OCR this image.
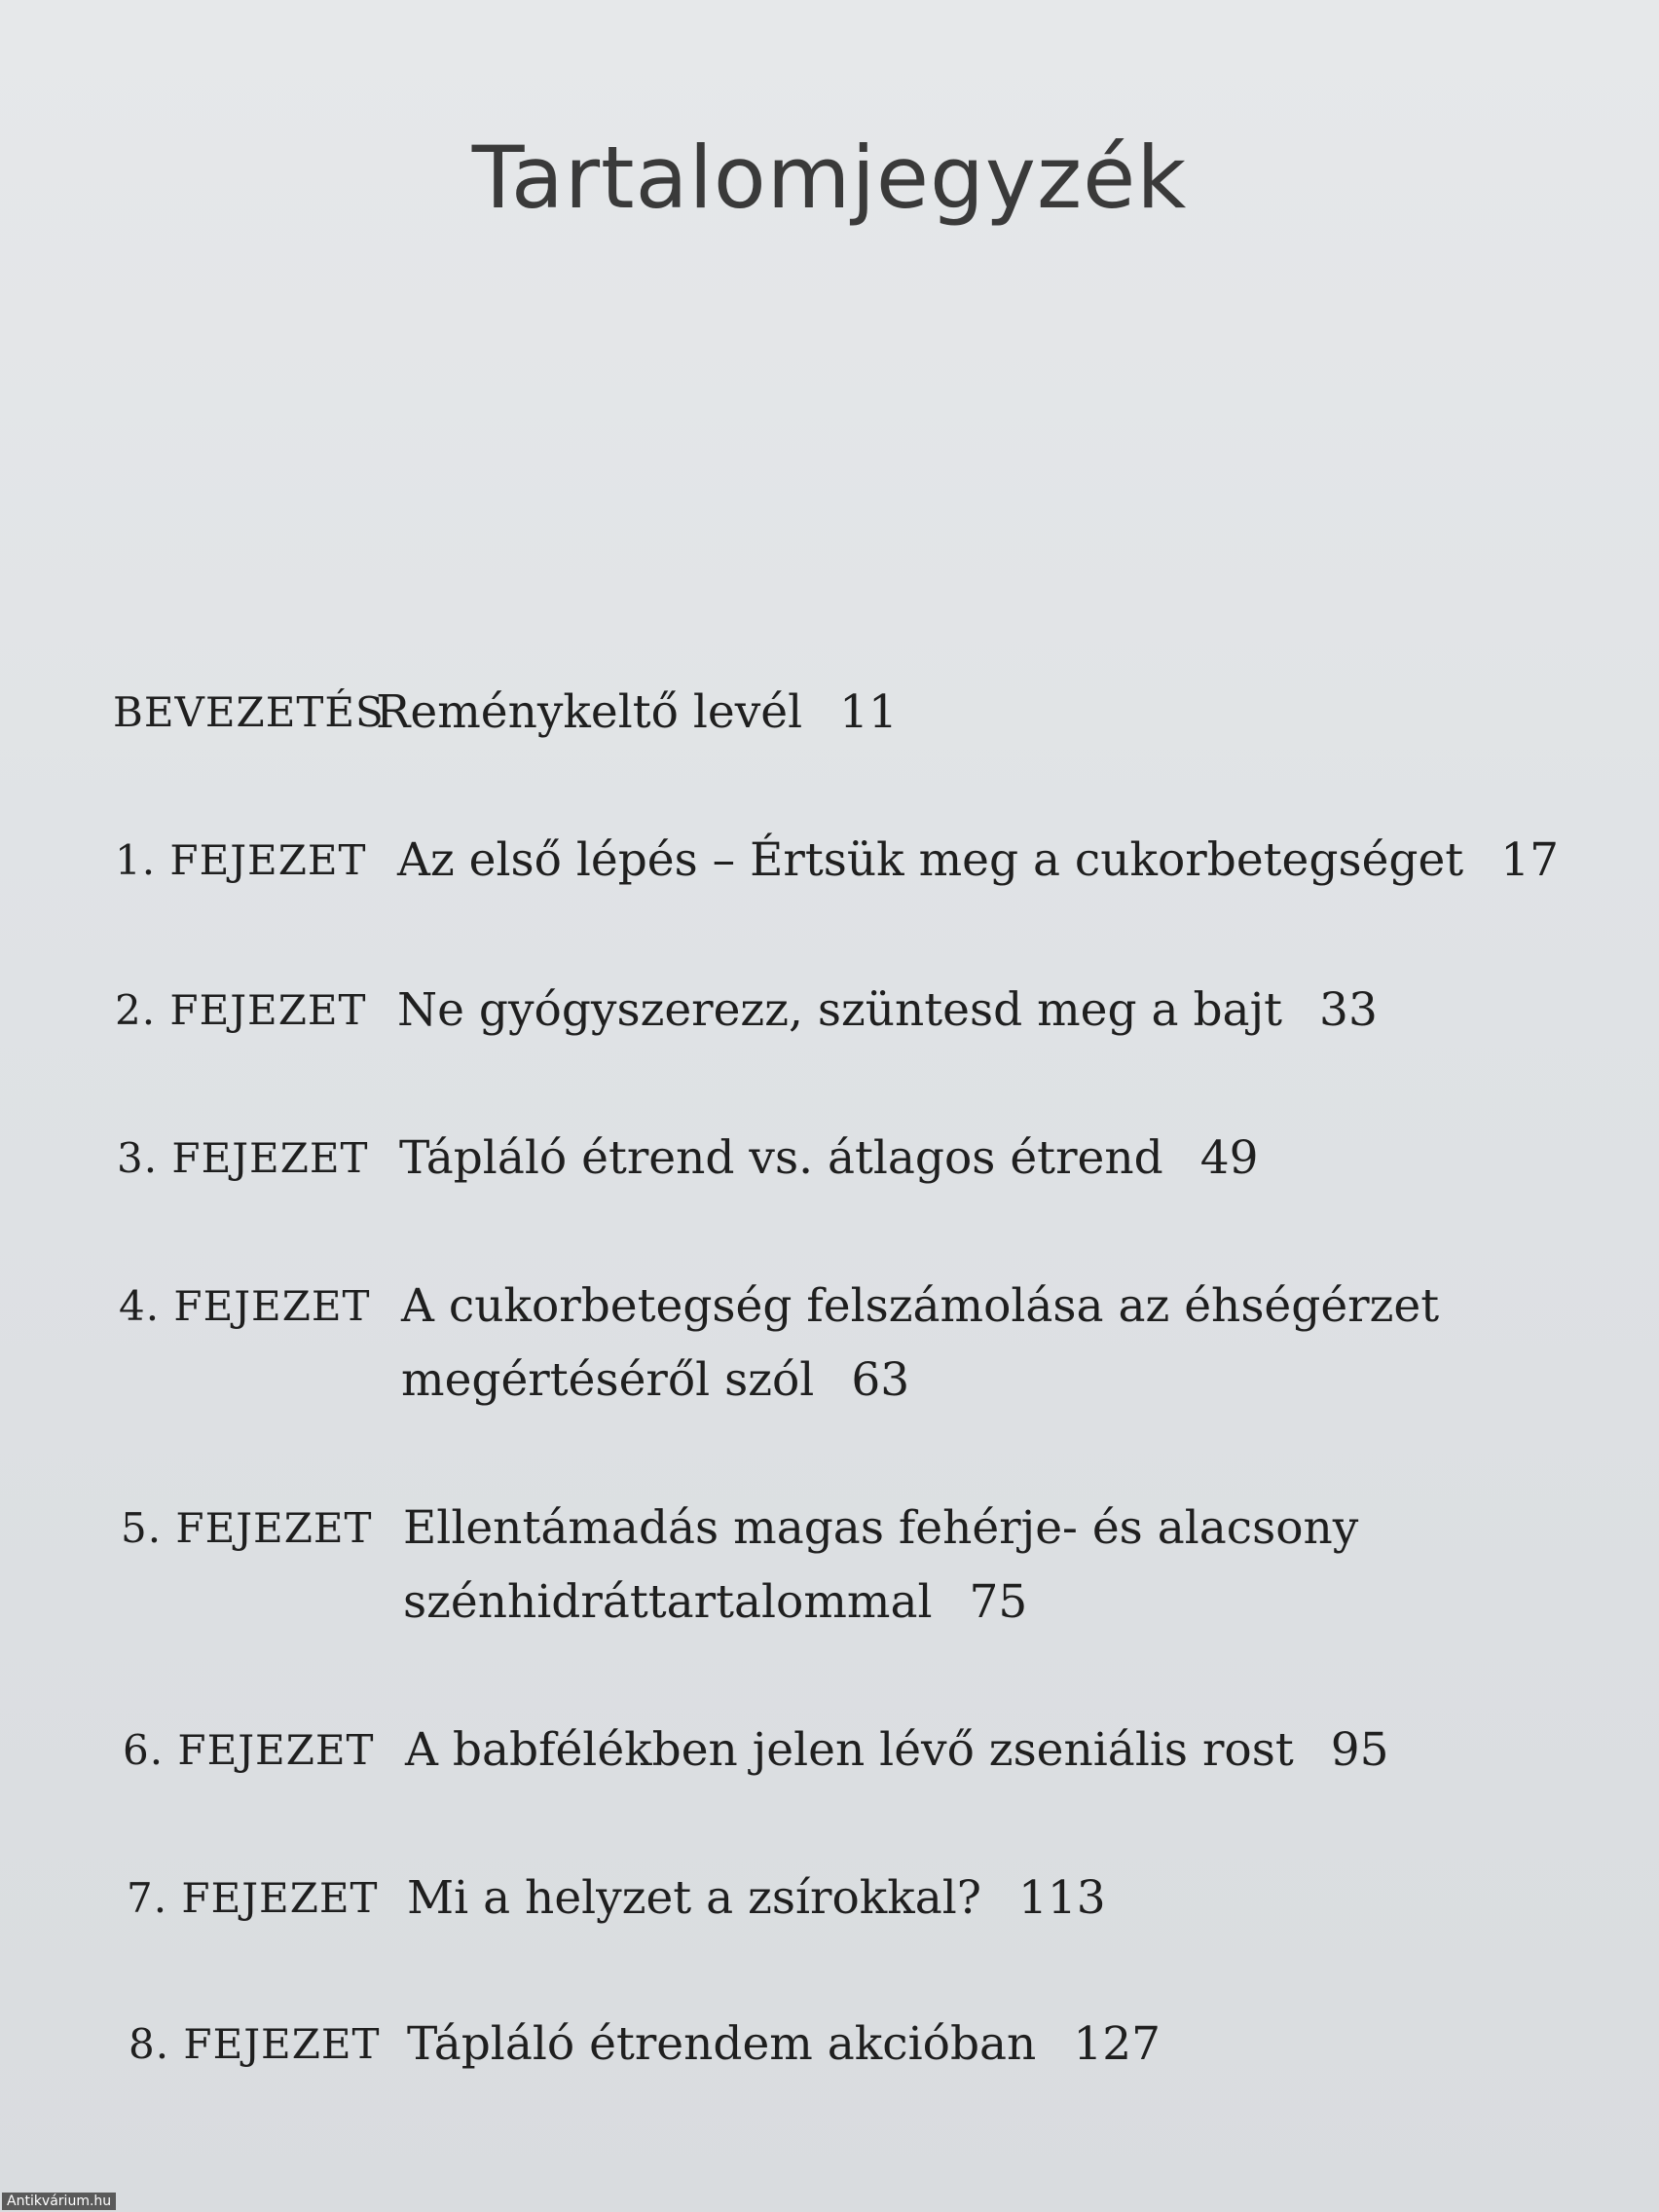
Tartalomjegyzék
BEVEZETÉS
Reménykeltő levél 11
1. FEJEZET Az első lépés – Értsük meg a cukorbetegséget 17
2. FEJEZET Ne gyógyszerezz, szüntesd meg a bajt 33
3. FEJEZET Tápláló étrend vs. átlagos étrend 49
4. FEJEZET A cukorbetegség felszámolása az éhségérzet
megértéséről szól 63
5. FEJEZET Ellentámadás magas fehérje- és alacsony
szénhidráttartalommal 75
6. FEJEZET A babfélékben jelen lévő zseniális rost 95
7. FEJEZET Mi a helyzet a zsírokkal? 113
8. FEJEZET Tápláló étrendem akcióban 127
Antikvárium.hu
